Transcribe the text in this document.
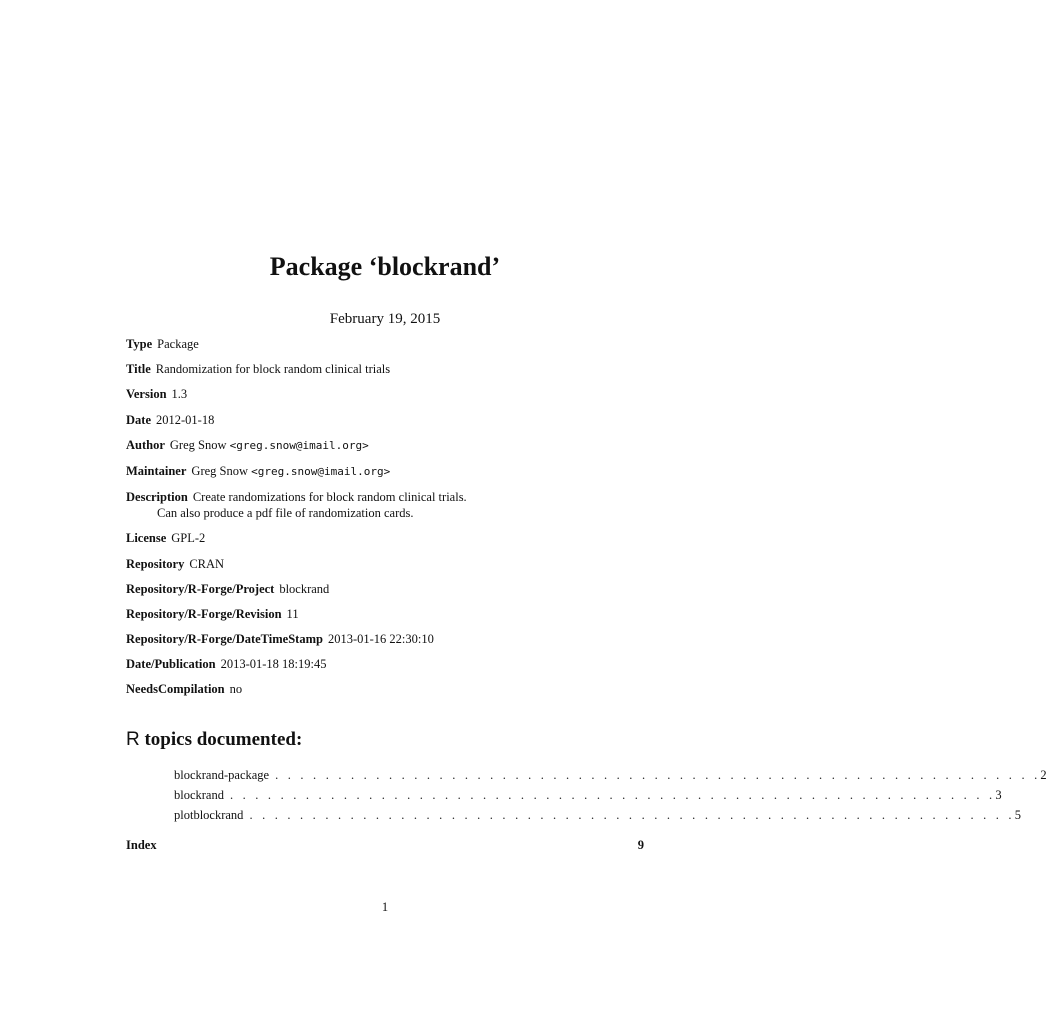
Package ‘blockrand’
February 19, 2015
Type Package
Title Randomization for block random clinical trials
Version 1.3
Date 2012-01-18
Author Greg Snow <greg.snow@imail.org>
Maintainer Greg Snow <greg.snow@imail.org>
Description Create randomizations for block random clinical trials.
Can also produce a pdf file of randomization cards.
License GPL-2
Repository CRAN
Repository/R-Forge/Project blockrand
Repository/R-Forge/Revision 11
Repository/R-Forge/DateTimeStamp 2013-01-16 22:30:10
Date/Publication 2013-01-18 18:19:45
NeedsCompilation no
R topics documented:
blockrand-package . . . . . . . . . . . . . . . . . . . . . . . . . . . . . . . . . . . . . . . . . . . . . . . . . . . . . . . . . . . . . 2
blockrand . . . . . . . . . . . . . . . . . . . . . . . . . . . . . . . . . . . . . . . . . . . . . . . . . . . . . . . . . . . . . 3
plotblockrand . . . . . . . . . . . . . . . . . . . . . . . . . . . . . . . . . . . . . . . . . . . . . . . . . . . . . . . . . . . . . 5
Index	9
1
